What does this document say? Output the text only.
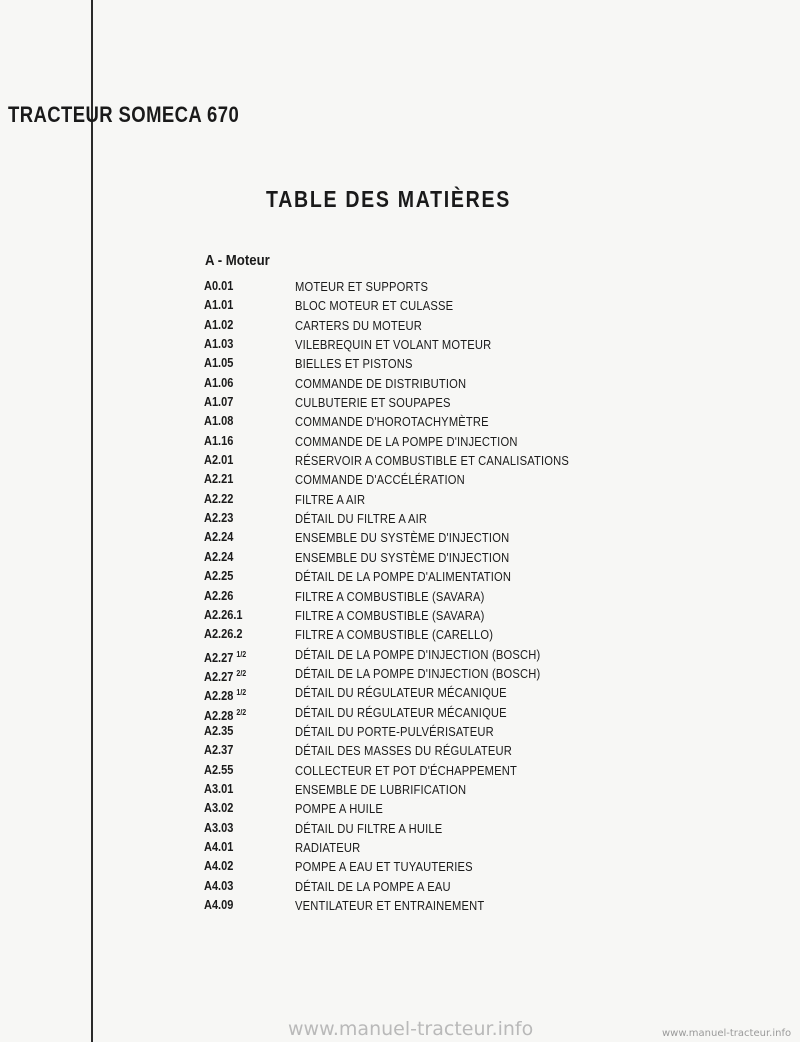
TRACTEUR SOMECA 670
TABLE DES MATIÈRES
A - Moteur
A0.01	MOTEUR ET SUPPORTS
A1.01	BLOC MOTEUR ET CULASSE
A1.02	CARTERS DU MOTEUR
A1.03	VILEBREQUIN ET VOLANT MOTEUR
A1.05	BIELLES ET PISTONS
A1.06	COMMANDE DE DISTRIBUTION
A1.07	CULBUTERIE ET SOUPAPES
A1.08	COMMANDE D'HOROTACHYMÈTRE
A1.16	COMMANDE DE LA POMPE D'INJECTION
A2.01	RÉSERVOIR A COMBUSTIBLE ET CANALISATIONS
A2.21	COMMANDE D'ACCÉLÉRATION
A2.22	FILTRE A AIR
A2.23	DÉTAIL DU FILTRE A AIR
A2.24	ENSEMBLE DU SYSTÈME D'INJECTION
A2.24	ENSEMBLE DU SYSTÈME D'INJECTION
A2.25	DÉTAIL DE LA POMPE D'ALIMENTATION
A2.26	FILTRE A COMBUSTIBLE (SAVARA)
A2.26.1	FILTRE A COMBUSTIBLE (SAVARA)
A2.26.2	FILTRE A COMBUSTIBLE (CARELLO)
A2.27 $^{1/2}$	DÉTAIL DE LA POMPE D'INJECTION (BOSCH)
A2.27 $^{2/2}$	DÉTAIL DE LA POMPE D'INJECTION (BOSCH)
A2.28 $^{1/2}$	DÉTAIL DU RÉGULATEUR MÉCANIQUE
A2.28 $^{2/2}$	DÉTAIL DU RÉGULATEUR MÉCANIQUE
A2.35	DÉTAIL DU PORTE-PULVÉRISATEUR
A2.37	DÉTAIL DES MASSES DU RÉGULATEUR
A2.55	COLLECTEUR ET POT D'ÉCHAPPEMENT
A3.01	ENSEMBLE DE LUBRIFICATION
A3.02	POMPE A HUILE
A3.03	DÉTAIL DU FILTRE A HUILE
A4.01	RADIATEUR
A4.02	POMPE A EAU ET TUYAUTERIES
A4.03	DÉTAIL DE LA POMPE A EAU
A4.09	VENTILATEUR ET ENTRAINEMENT
www.manuel-tracteur.info	www.manuel-tracteur.info
